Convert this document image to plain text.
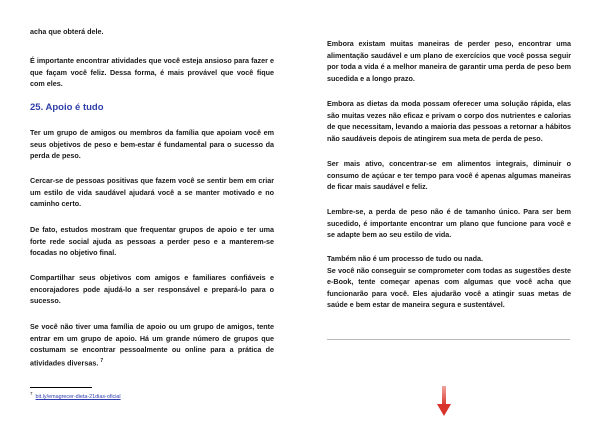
acha que obterá dele.

É importante encontrar atividades que você esteja ansioso para fazer e que façam você feliz. Dessa forma, é mais provável que você fique com eles.

Ter um grupo de amigos ou membros da família que apoiam você em seus objetivos de peso e bem-estar é fundamental para o sucesso da perda de peso.

Cercar-se de pessoas positivas que fazem você se sentir bem em criar um estilo de vida saudável ajudará você a se manter motivado e no caminho certo.

De fato, estudos mostram que frequentar grupos de apoio e ter uma forte rede social ajuda as pessoas a perder peso e a manterem-se focadas no objetivo final.

Compartilhar seus objetivos com amigos e familiares confiáveis e encorajadores pode ajudá-lo a ser responsável e prepará-lo para o sucesso.

Se você não tiver uma família de apoio ou um grupo de amigos, tente entrar em um grupo de apoio. Há um grande número de grupos que costumam se encontrar pessoalmente ou online para a prática de atividades diversas. $^7$

25. Apoio é tudo
$^7$  bit.ly/emagrecer-dieta-21dias-oficial

Embora existam muitas maneiras de perder peso, encontrar uma alimentação saudável e um plano de exercícios que você possa seguir por toda a vida é a melhor maneira de garantir uma perda de peso bem sucedida e a longo prazo.

Embora as dietas da moda possam oferecer uma solução rápida, elas são muitas vezes não eficaz e privam o corpo dos nutrientes e calorias de que necessitam, levando a maioria das pessoas a retornar a hábitos não saudáveis depois de atingirem sua meta de perda de peso.

Ser mais ativo, concentrar-se em alimentos integrais, diminuir o consumo de açúcar e ter tempo para você é apenas algumas maneiras de ficar mais saudável e feliz.

Lembre-se, a perda de peso não é de tamanho único. Para ser bem sucedido, é importante encontrar um plano que funcione para você e se adapte bem ao seu estilo de vida.

Também não é um processo de tudo ou nada.
Se você não conseguir se comprometer com todas as sugestões deste e-Book, tente começar apenas com algumas que você acha que funcionarão para você. Eles ajudarão você a atingir suas metas de saúde e bem estar de maneira segura e sustentável.
